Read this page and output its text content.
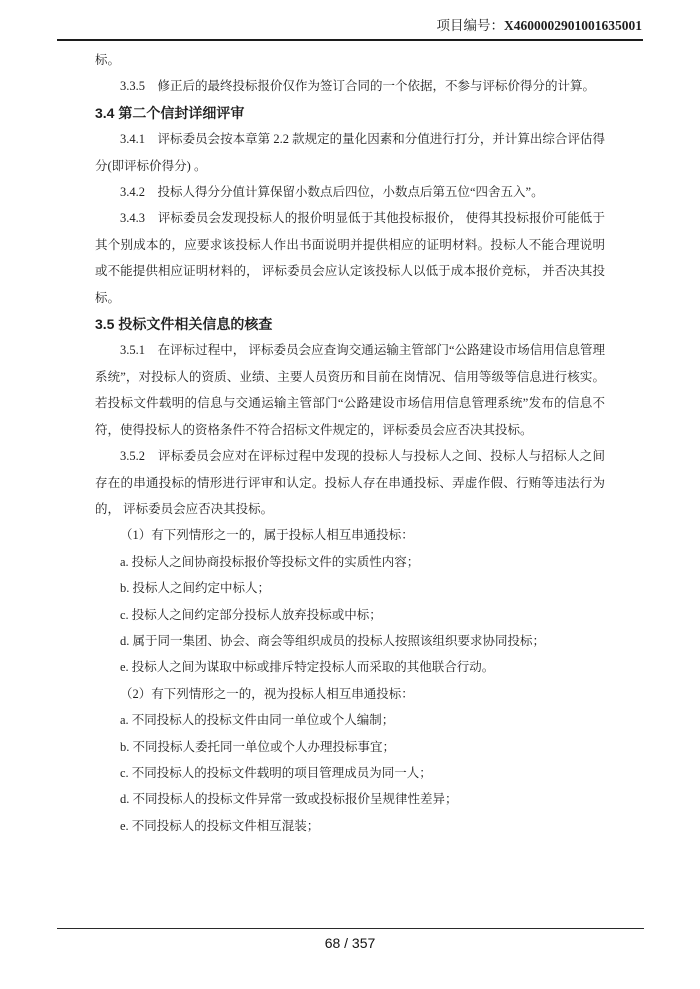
项目编号：X4600002901001635001

标。

3.3.5　修正后的最终投标报价仅作为签订合同的一个依据，不参与评标价得分的计算。

3.4 第二个信封详细评审

3.4.1　评标委员会按本章第 2.2 款规定的量化因素和分值进行打分，并计算出综合评估得分(即评标价得分) 。

3.4.2　投标人得分分值计算保留小数点后四位，小数点后第五位“四舍五入”。

3.4.3　评标委员会发现投标人的报价明显低于其他投标报价， 使得其投标报价可能低于其个别成本的，应要求该投标人作出书面说明并提供相应的证明材料。投标人不能合理说明或不能提供相应证明材料的， 评标委员会应认定该投标人以低于成本报价竞标， 并否决其投标。

3.5 投标文件相关信息的核查

3.5.1　在评标过程中， 评标委员会应查询交通运输主管部门“公路建设市场信用信息管理系统”，对投标人的资质、业绩、主要人员资历和目前在岗情况、信用等级等信息进行核实。 若投标文件载明的信息与交通运输主管部门“公路建设市场信用信息管理系统”发布的信息不 符，使得投标人的资格条件不符合招标文件规定的，评标委员会应否决其投标。

3.5.2　评标委员会应对在评标过程中发现的投标人与投标人之间、投标人与招标人之间存在的串通投标的情形进行评审和认定。投标人存在串通投标、弄虚作假、行贿等违法行为的， 评标委员会应否决其投标。

（1）有下列情形之一的，属于投标人相互串通投标：

a. 投标人之间协商投标报价等投标文件的实质性内容；

b. 投标人之间约定中标人；

c. 投标人之间约定部分投标人放弃投标或中标；

d. 属于同一集团、协会、商会等组织成员的投标人按照该组织要求协同投标；

e. 投标人之间为谋取中标或排斥特定投标人而采取的其他联合行动。

（2）有下列情形之一的，视为投标人相互串通投标：

a. 不同投标人的投标文件由同一单位或个人编制；

b. 不同投标人委托同一单位或个人办理投标事宜；

c. 不同投标人的投标文件载明的项目管理成员为同一人；

d. 不同投标人的投标文件异常一致或投标报价呈规律性差异；

e. 不同投标人的投标文件相互混装；

68 / 357
